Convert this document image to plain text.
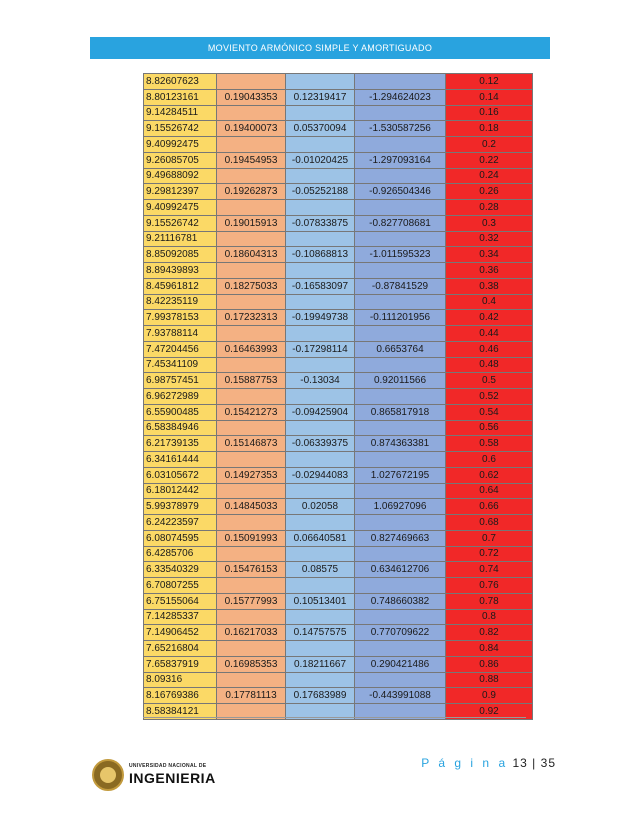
MOVIENTO ARMÓNICO SIMPLE Y AMORTIGUADO
8.82607623				0.12
8.80123161	0.19043353	0.12319417	-1.294624023	0.14
9.14284511				0.16
9.15526742	0.19400073	0.05370094	-1.530587256	0.18
9.40992475				0.2
9.26085705	0.19454953	-0.01020425	-1.297093164	0.22
9.49688092				0.24
9.29812397	0.19262873	-0.05252188	-0.926504346	0.26
9.40992475				0.28
9.15526742	0.19015913	-0.07833875	-0.827708681	0.3
9.21116781				0.32
8.85092085	0.18604313	-0.10868813	-1.011595323	0.34
8.89439893				0.36
8.45961812	0.18275033	-0.16583097	-0.87841529	0.38
8.42235119				0.4
7.99378153	0.17232313	-0.19949738	-0.111201956	0.42
7.93788114				0.44
7.47204456	0.16463993	-0.17298114	0.6653764	0.46
7.45341109				0.48
6.98757451	0.15887753	-0.13034	0.92011566	0.5
6.96272989				0.52
6.55900485	0.15421273	-0.09425904	0.865817918	0.54
6.58384946				0.56
6.21739135	0.15146873	-0.06339375	0.874363381	0.58
6.34161444				0.6
6.03105672	0.14927353	-0.02944083	1.027672195	0.62
6.18012442				0.64
5.99378979	0.14845033	0.02058	1.06927096	0.66
6.24223597				0.68
6.08074595	0.15091993	0.06640581	0.827469663	0.7
6.4285706				0.72
6.33540329	0.15476153	0.08575	0.634612706	0.74
6.70807255				0.76
6.75155064	0.15777993	0.10513401	0.748660382	0.78
7.14285337				0.8
7.14906452	0.16217033	0.14757575	0.770709622	0.82
7.65216804				0.84
7.65837919	0.16985353	0.18211667	0.290421486	0.86
8.09316				0.88
8.16769386	0.17781113	0.17683989	-0.443991088	0.9
8.58384121				0.92
UNIVERSIDAD NACIONAL DE
INGENIERIA
P á g i n a 13 | 35
